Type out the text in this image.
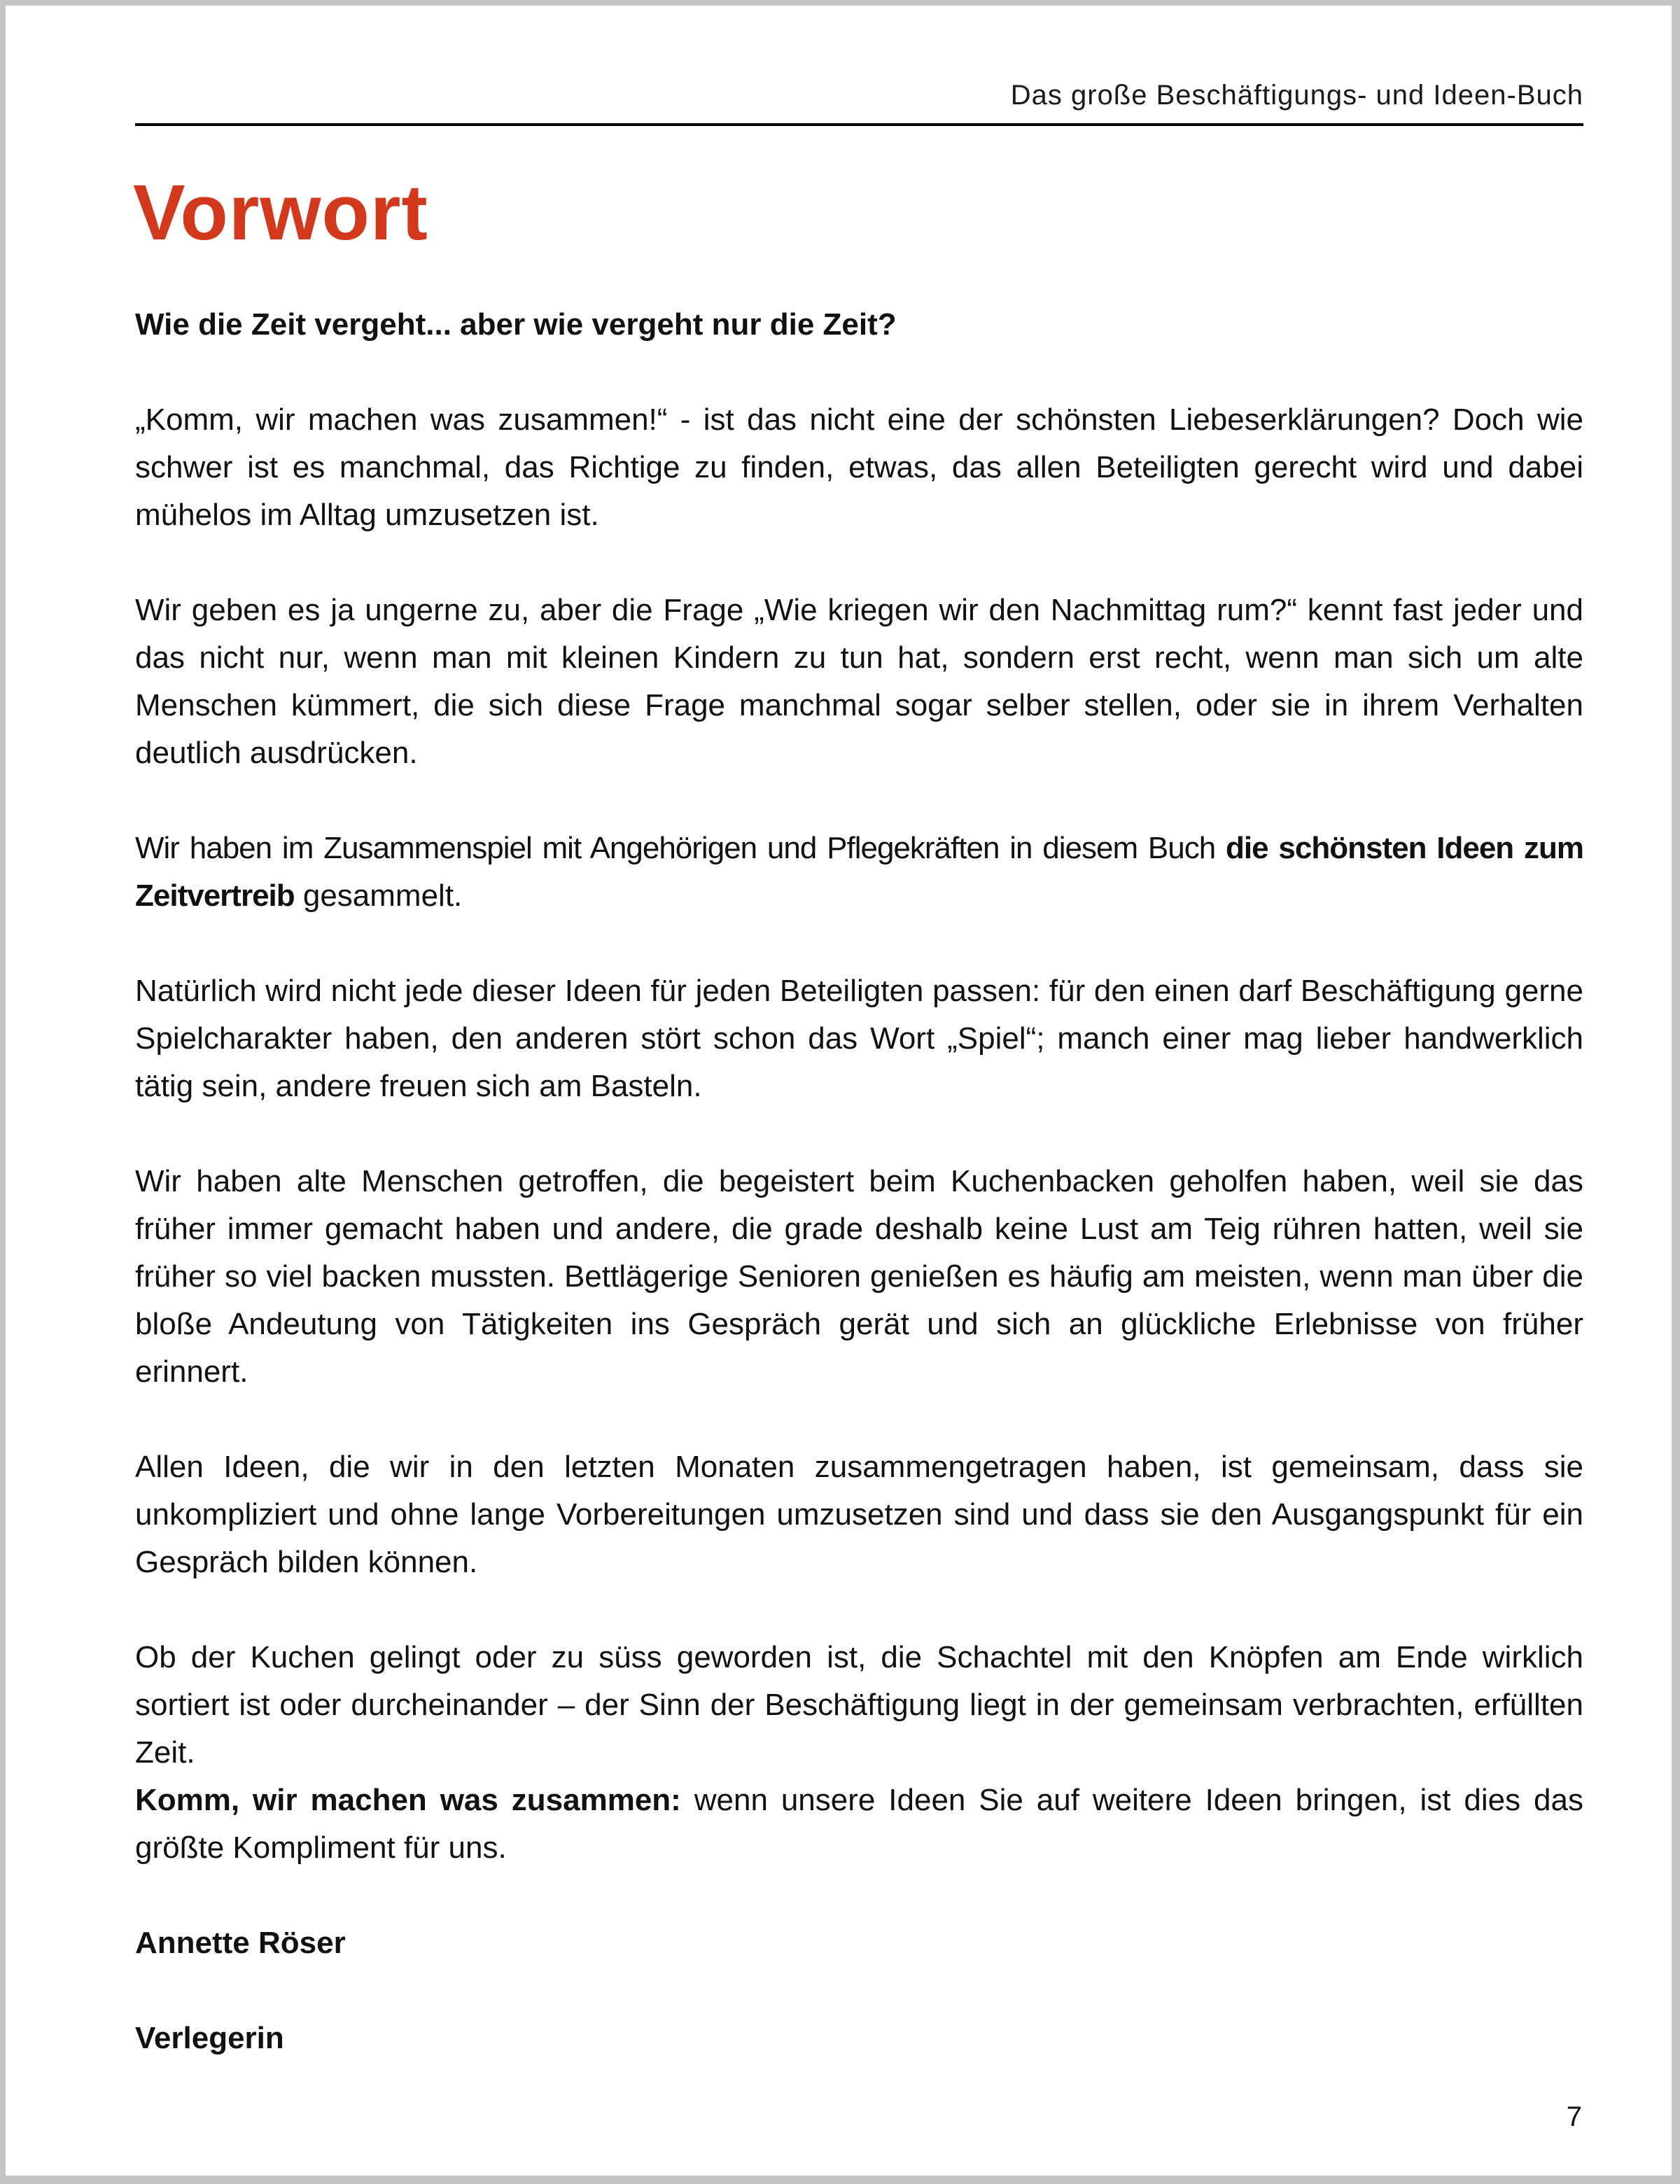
Das große Beschäftigungs- und Ideen-Buch
Vorwort

Wie die Zeit vergeht... aber wie vergeht nur die Zeit?

„Komm, wir machen was zusammen!“ - ist das nicht eine der schönsten Liebeserklärungen? Doch wie schwer ist es manchmal, das Richtige zu finden, etwas, das allen Beteiligten gerecht wird und dabei mühelos im Alltag umzusetzen ist.

Wir geben es ja ungerne zu, aber die Frage „Wie kriegen wir den Nachmittag rum?“ kennt fast jeder und das nicht nur, wenn man mit kleinen Kindern zu tun hat, sondern erst recht, wenn man sich um alte Menschen kümmert, die sich diese Frage manchmal sogar selber stellen, oder sie in ihrem Verhalten deutlich ausdrücken.

Wir haben im Zusammenspiel mit Angehörigen und Pflegekräften in diesem Buch die schönsten Ideen zum Zeitvertreib gesammelt.

Natürlich wird nicht jede dieser Ideen für jeden Beteiligten passen: für den einen darf Beschäftigung gerne Spielcharakter haben, den anderen stört schon das Wort „Spiel“; manch einer mag lieber handwerklich tätig sein, andere freuen sich am Basteln.

Wir haben alte Menschen getroffen, die begeistert beim Kuchenbacken geholfen haben, weil sie das früher immer gemacht haben und andere, die grade deshalb keine Lust am Teig rühren hatten, weil sie früher so viel backen mussten. Bettlägerige Senioren genießen es häufig am meisten, wenn man über die bloße Andeutung von Tätigkeiten ins Gespräch gerät und sich an glückliche Erlebnisse von früher erinnert.

Allen Ideen, die wir in den letzten Monaten zusammengetragen haben, ist gemeinsam, dass sie unkompliziert und ohne lange Vorbereitungen umzusetzen sind und dass sie den Ausgangspunkt für ein Gespräch bilden können.

Ob der Kuchen gelingt oder zu süss geworden ist, die Schachtel mit den Knöpfen am Ende wirklich sortiert ist oder durcheinander – der Sinn der Beschäftigung liegt in der gemeinsam verbrachten, erfüllten Zeit.

Komm, wir machen was zusammen: wenn unsere Ideen Sie auf weitere Ideen bringen, ist dies das größte Kompliment für uns.

Annette Röser

Verlegerin

7
